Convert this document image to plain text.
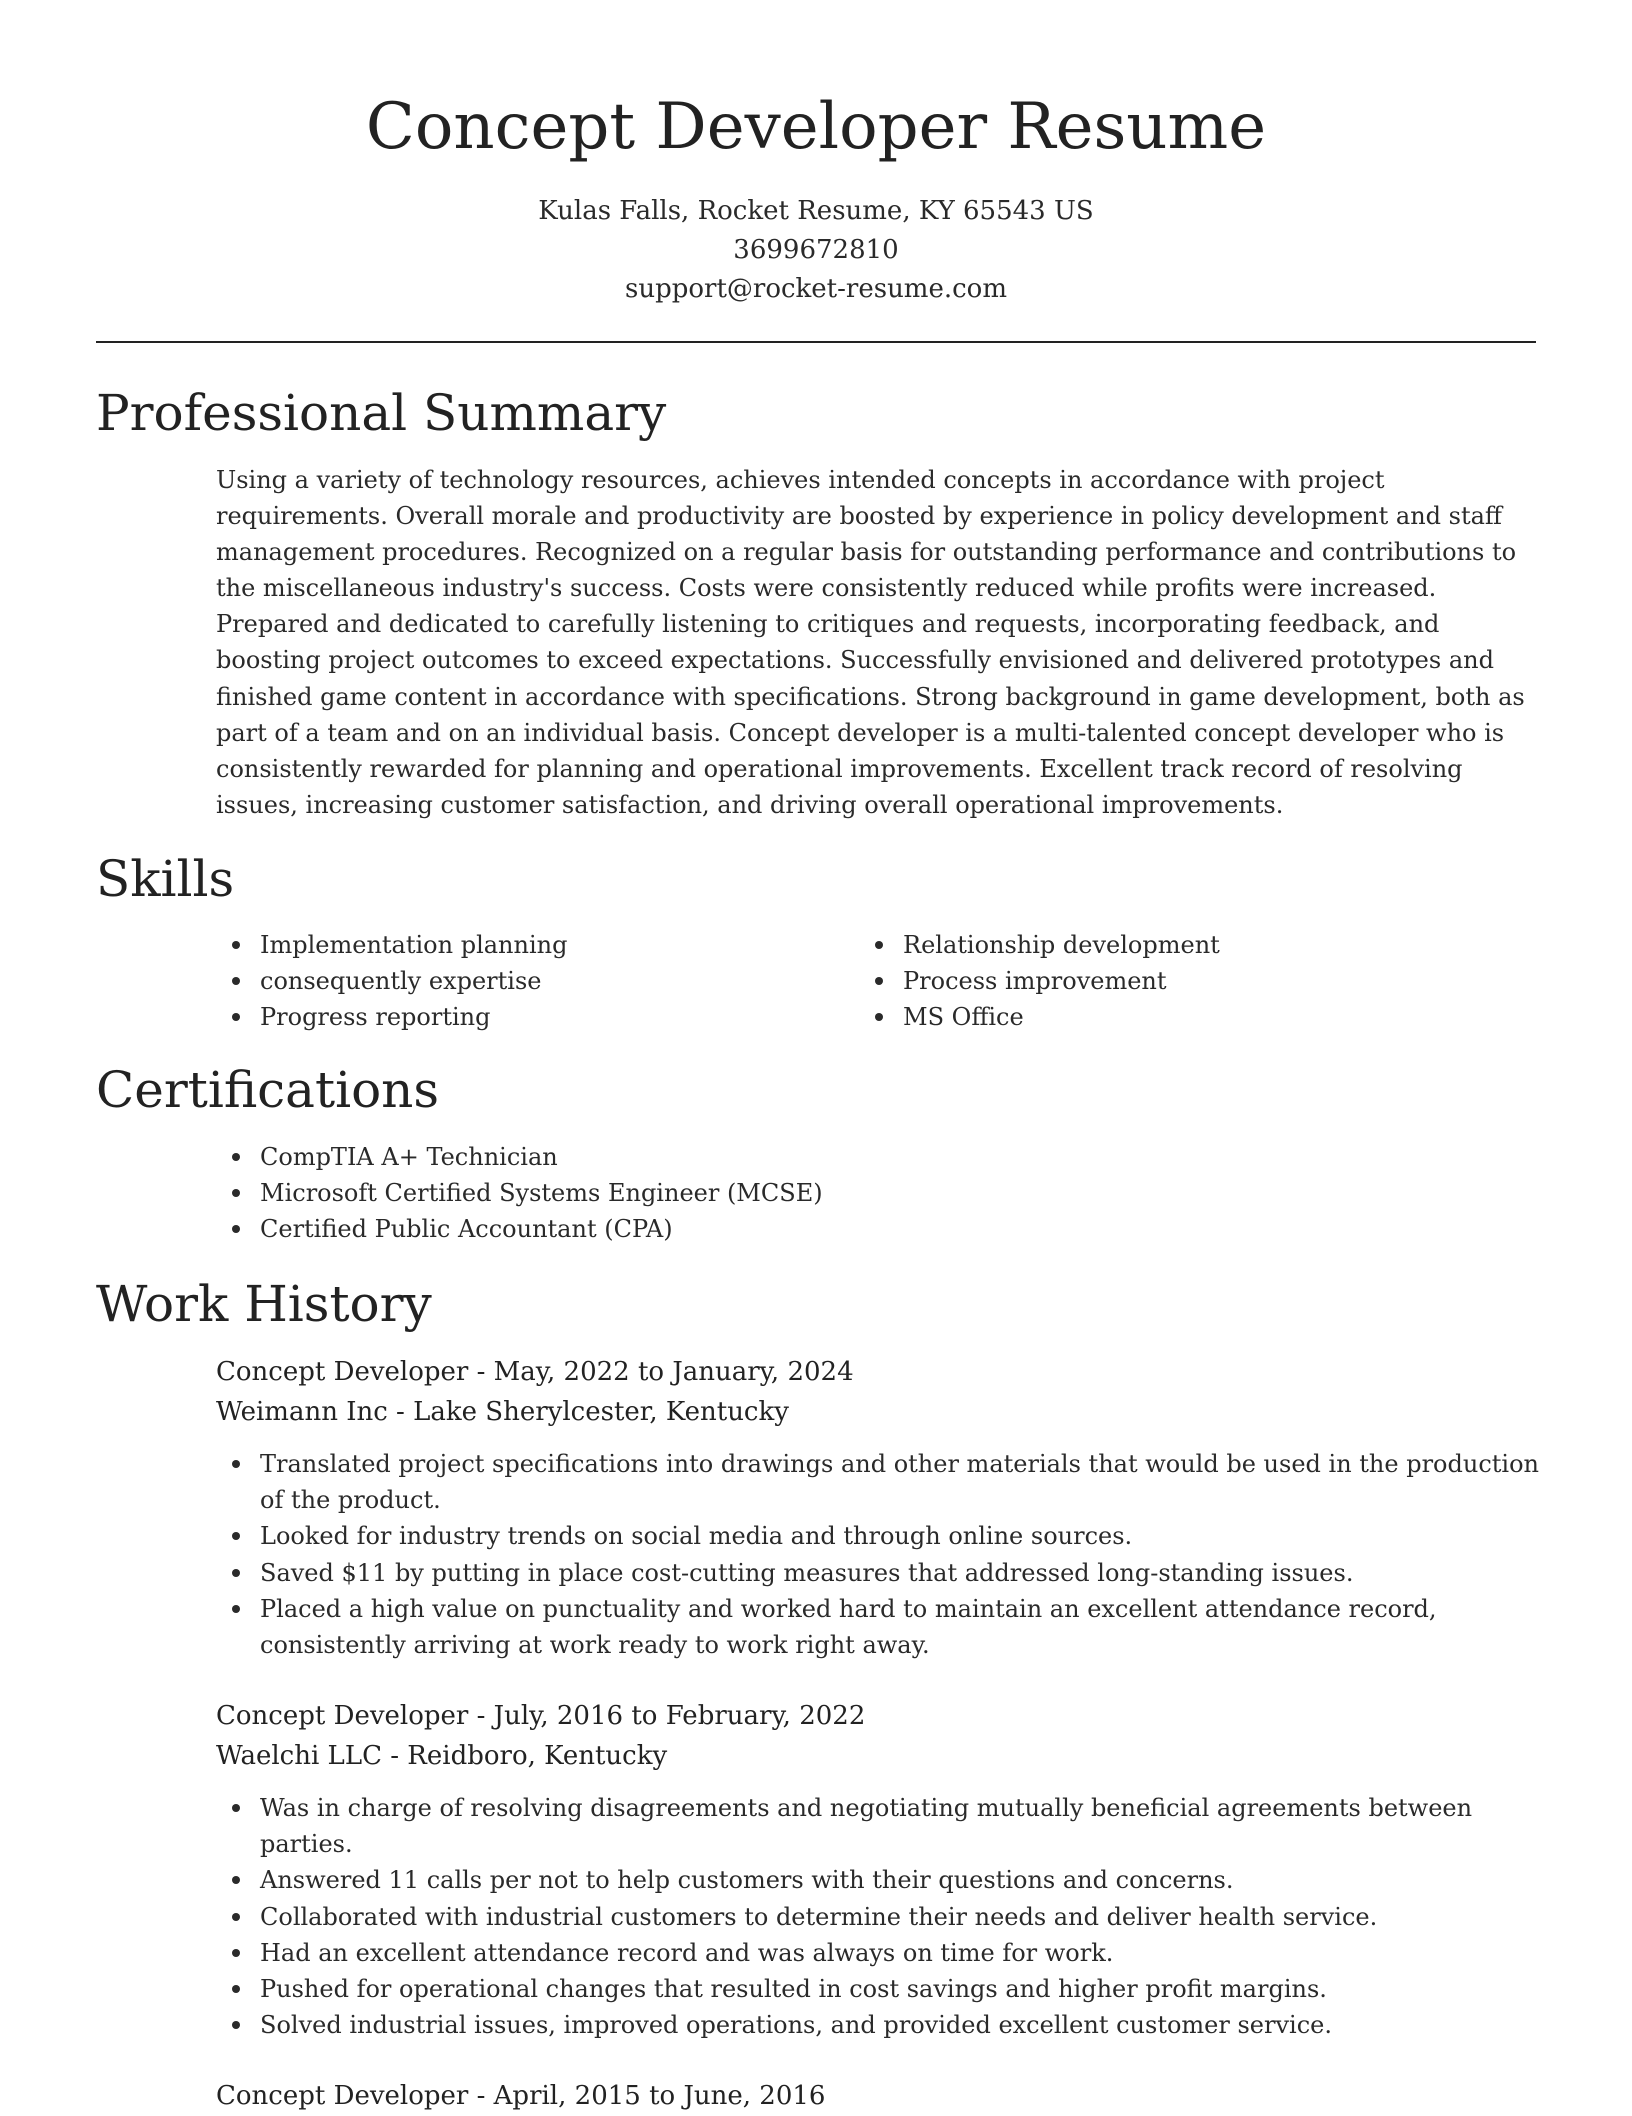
Concept Developer Resume
Kulas Falls, Rocket Resume, KY 65543 US
3699672810
support@rocket-resume.com
Professional Summary

Using a variety of technology resources, achieves intended concepts in accordance with project requirements. Overall morale and productivity are boosted by experience in policy development and staff management procedures. Recognized on a regular basis for outstanding performance and contributions to the miscellaneous industry's success. Costs were consistently reduced while profits were increased. Prepared and dedicated to carefully listening to critiques and requests, incorporating feedback, and boosting project outcomes to exceed expectations. Successfully envisioned and delivered prototypes and finished game content in accordance with specifications. Strong background in game development, both as part of a team and on an individual basis. Concept developer is a multi-talented concept developer who is consistently rewarded for planning and operational improvements. Excellent track record of resolving issues, increasing customer satisfaction, and driving overall operational improvements.

Skills
Implementation planning
consequently expertise
Progress reporting
Relationship development
Process improvement
MS Office
Certifications
CompTIA A+ Technician
Microsoft Certified Systems Engineer (MCSE)
Certified Public Accountant (CPA)
Work History

Concept Developer - May, 2022 to January, 2024

Weimann Inc - Lake Sherylcester, Kentucky

Translated project specifications into drawings and other materials that would be used in the production of the product.
Looked for industry trends on social media and through online sources.
Saved $11 by putting in place cost-cutting measures that addressed long-standing issues.
Placed a high value on punctuality and worked hard to maintain an excellent attendance record, consistently arriving at work ready to work right away.

Concept Developer - July, 2016 to February, 2022

Waelchi LLC - Reidboro, Kentucky

Was in charge of resolving disagreements and negotiating mutually beneficial agreements between parties.
Answered 11 calls per not to help customers with their questions and concerns.
Collaborated with industrial customers to determine their needs and deliver health service.
Had an excellent attendance record and was always on time for work.
Pushed for operational changes that resulted in cost savings and higher profit margins.
Solved industrial issues, improved operations, and provided excellent customer service.

Concept Developer - April, 2015 to June, 2016
